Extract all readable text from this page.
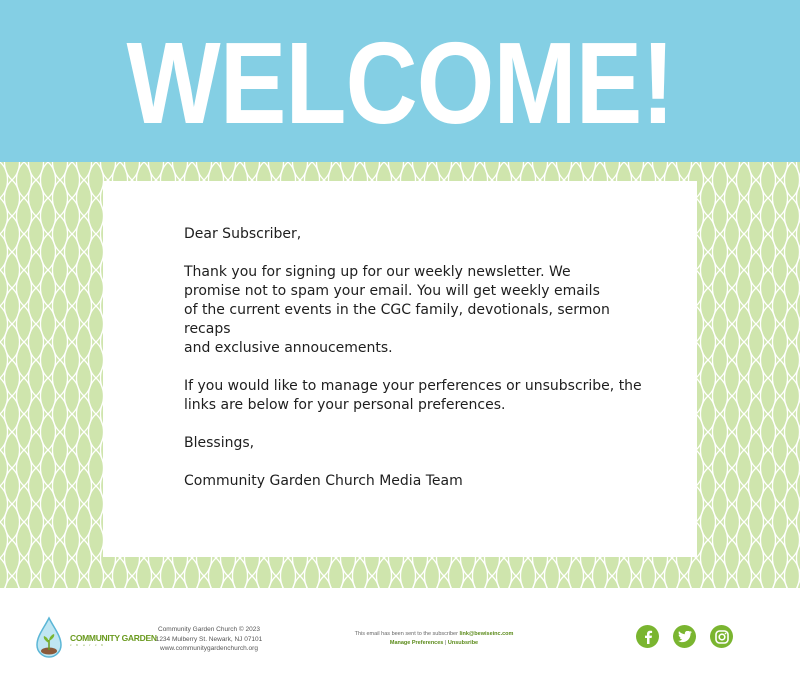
WELCOME!

Dear Subscriber,

Thank you for signing up for our weekly newsletter. We

promise not to spam your email. You will get weekly emails

of the current events in the CGC family, devotionals, sermon recaps

and exclusive annoucements.

If you would like to manage your perferences or unsubscribe, the

links are below for your personal preferences.

Blessings,

Community Garden Church Media Team

COMMUNITY GARDEN
church
Community Garden Church © 2023
1234 Mulberry St. Newark, NJ 07101
www.communitygardenchurch.org
This email has been sent to the subscriber link@bewiseinc.com
Manage Preferences | Unsubsribe
